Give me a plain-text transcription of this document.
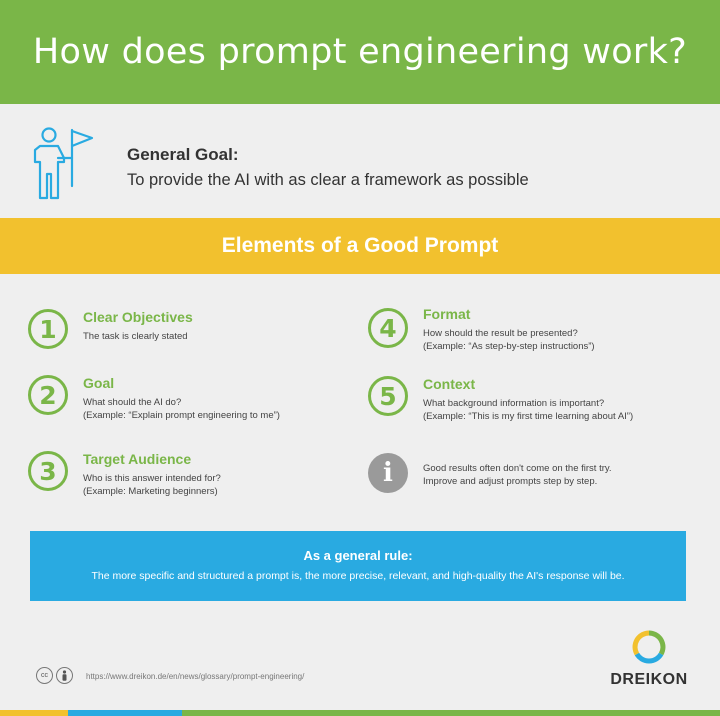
How does prompt engineering work?
General Goal:
To provide the AI with as clear a framework as possible
Elements of a Good Prompt
1	Clear Objectives
The task is clearly stated
2	Goal
What should the AI do?
(Example: “Explain prompt engineering to me”)
3	Target Audience
Who is this answer intended for?
(Example: Marketing beginners)
4	Format
How should the result be presented?
(Example: “As step-by-step instructions”)
5	Context
What background information is important?
(Example: “This is my first time learning about AI”)
i	Good results often don't come on the first try.
Improve and adjust prompts step by step.
As a general rule:
The more specific and structured a prompt is, the more precise, relevant, and high-quality the AI's response will be.
cc	https://www.dreikon.de/en/news/glossary/prompt-engineering/	DREIKON
